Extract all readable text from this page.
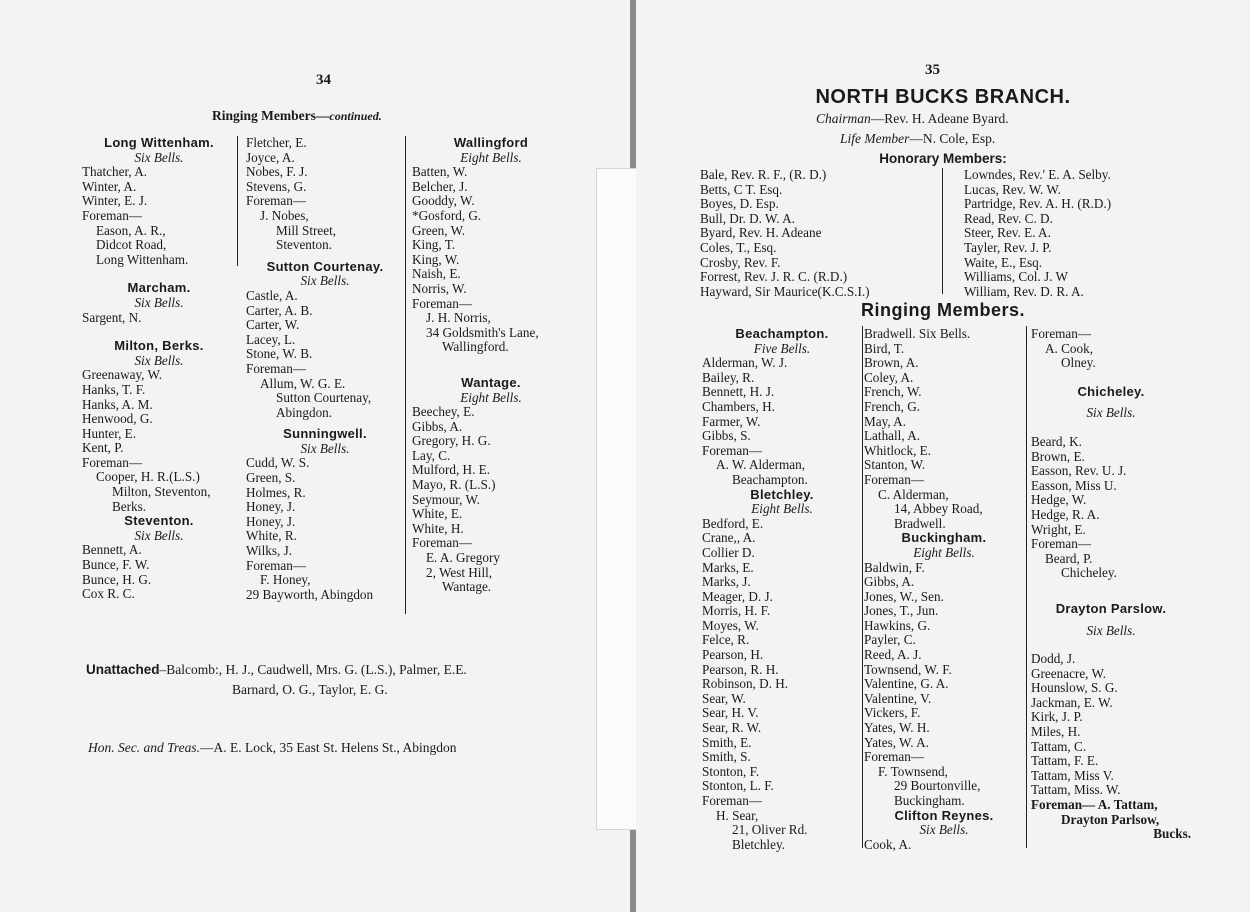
34
Ringing Members—continued.
Long Wittenham.
Six Bells.
Thatcher, A.
Winter, A.
Winter, E. J.
Foreman—
Eason, A. R.,
Didcot Road,
Long Wittenham.
Marcham.
Six Bells.
Sargent, N.
Milton, Berks.
Six Bells.
Greenaway, W.
Hanks, T. F.
Hanks, A. M.
Henwood, G.
Hunter, E.
Kent, P.
Foreman—
Cooper, H. R.(L.S.)
Milton, Steventon,
Berks.
Steventon.
Six Bells.
Bennett, A.
Bunce, F. W.
Bunce, H. G.
Cox R. C.
Fletcher, E.
Joyce, A.
Nobes, F. J.
Stevens, G.
Foreman—
J. Nobes,
Mill Street,
Steventon.
Sutton Courtenay.
Six Bells.
Castle, A.
Carter, A. B.
Carter, W.
Lacey, L.
Stone, W. B.
Foreman—
Allum, W. G. E.
Sutton Courtenay,
Abingdon.
Sunningwell.
Six Bells.
Cudd, W. S.
Green, S.
Holmes, R.
Honey, J.
Honey, J.
White, R.
Wilks, J.
Foreman—
F. Honey,
29 Bayworth, Abingdon
Wallingford
Eight Bells.
Batten, W.
Belcher, J.
Gooddy, W.
*Gosford, G.
Green, W.
King, T.
King, W.
Naish, E.
Norris, W.
Foreman—
J. H. Norris,
34 Goldsmith's Lane,
Wallingford.
Wantage.
Eight Bells.
Beechey, E.
Gibbs, A.
Gregory, H. G.
Lay, C.
Mulford, H. E.
Mayo, R. (L.S.)
Seymour, W.
White, E.
White, H.
Foreman—
E. A. Gregory
2, West Hill,
Wantage.
Unattached–Balcomb:, H. J., Caudwell, Mrs. G. (L.S.), Palmer, E.E.
Barnard, O. G., Taylor, E. G.
Hon. Sec. and Treas.—A. E. Lock, 35 East St. Helens St., Abingdon
35
NORTH BUCKS BRANCH.
Chairman—Rev. H. Adeane Byard.
Life Member—N. Cole, Esp.
Honorary Members:
Bale, Rev. R. F., (R. D.)
Betts, C T. Esq.
Boyes, D. Esp.
Bull, Dr. D. W. A.
Byard, Rev. H. Adeane
Coles, T., Esq.
Crosby, Rev. F.
Forrest, Rev. J. R. C. (R.D.)
Hayward, Sir Maurice(K.C.S.I.)
Lowndes, Rev.' E. A. Selby.
Lucas, Rev. W. W.
Partridge, Rev. A. H. (R.D.)
Read, Rev. C. D.
Steer, Rev. E. A.
Tayler, Rev. J. P.
Waite, E., Esq.
Williams, Col. J. W
William, Rev. D. R. A.
Ringing Members.
Beachampton.
Five Bells.
Alderman, W. J.
Bailey, R.
Bennett, H. J.
Chambers, H.
Farmer, W.
Gibbs, S.
Foreman—
A. W. Alderman,
Beachampton.
Bletchley.
Eight Bells.
Bedford, E.
Crane,, A.
Collier D.
Marks, E.
Marks, J.
Meager, D. J.
Morris, H. F.
Moyes, W.
Felce, R.
Pearson, H.
Pearson, R. H.
Robinson, D. H.
Sear, W.
Sear, H. V.
Sear, R. W.
Smith, E.
Smith, S.
Stonton, F.
Stonton, L. F.
Foreman—
H. Sear,
21, Oliver Rd.
Bletchley.
Bradwell. Six Bells.
Bird, T.
Brown, A.
Coley, A.
French, W.
French, G.
May, A.
Lathall, A.
Whitlock, E.
Stanton, W.
Foreman—
C. Alderman,
14, Abbey Road,
Bradwell.
Buckingham.
Eight Bells.
Baldwin, F.
Gibbs, A.
Jones, W., Sen.
Jones, T., Jun.
Hawkins, G.
Payler, C.
Reed, A. J.
Townsend, W. F.
Valentine, G. A.
Valentine, V.
Vickers, F.
Yates, W. H.
Yates, W. A.
Foreman—
F. Townsend,
29 Bourtonville,
Buckingham.
Clifton Reynes.
Six Bells.
Cook, A.
Foreman—
A. Cook,
Olney.
Chicheley.
Six Bells.
Beard, K.
Brown, E.
Easson, Rev. U. J.
Easson, Miss U.
Hedge, W.
Hedge, R. A.
Wright, E.
Foreman—
Beard, P.
Chicheley.
Drayton Parslow.
Six Bells.
Dodd, J.
Greenacre, W.
Hounslow, S. G.
Jackman, E. W.
Kirk, J. P.
Miles, H.
Tattam, C.
Tattam, F. E.
Tattam, Miss V.
Tattam, Miss. W.
Foreman— A. Tattam,
Drayton Parlsow,
Bucks.
